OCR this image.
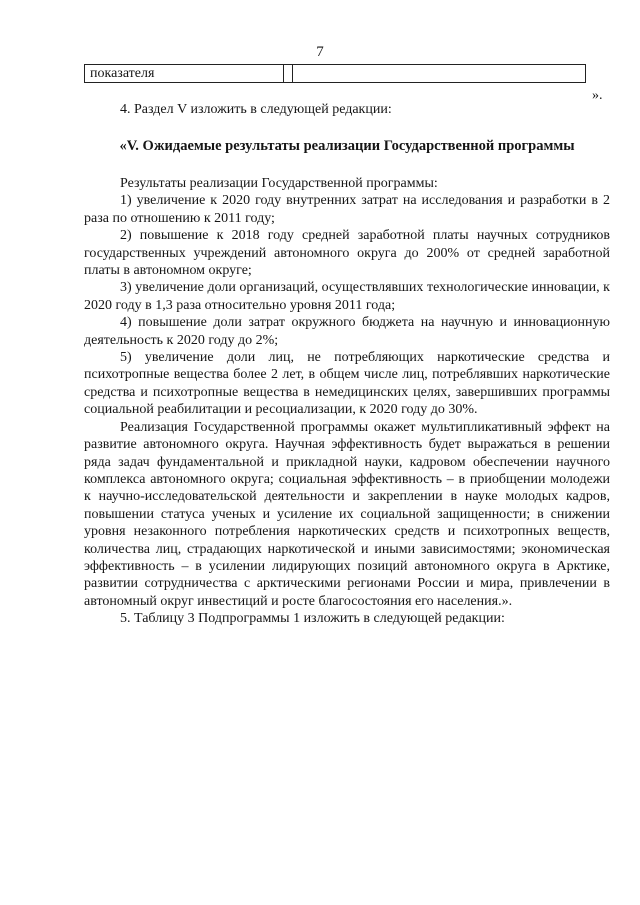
7
показателя
».

4. Раздел V изложить в следующей редакции:

«V. Ожидаемые результаты реализации Государственной программы

Результаты реализации Государственной программы:

1) увеличение к 2020 году внутренних затрат на исследования и разработки в 2 раза по отношению к 2011 году;

2) повышение к 2018 году средней заработной платы научных сотрудников государственных учреждений автономного округа до 200% от средней заработной платы в автономном округе;

3) увеличение доли организаций, осуществлявших технологические инновации, к 2020 году в 1,3 раза относительно уровня 2011 года;

4) повышение доли затрат окружного бюджета на научную и инновационную деятельность к 2020 году до 2%;

5) увеличение доли лиц, не потребляющих наркотические средства и психотропные вещества более 2 лет, в общем числе лиц, потреблявших наркотические средства и психотропные вещества в немедицинских целях, завершивших программы социальной реабилитации и ресоциализации, к 2020 году до 30%.

Реализация Государственной программы окажет мультипликативный эффект на развитие автономного округа. Научная эффективность будет выражаться в решении ряда задач фундаментальной и прикладной науки, кадровом обеспечении научного комплекса автономного округа; социальная эффективность – в приобщении молодежи к научно-исследовательской деятельности и закреплении в науке молодых кадров, повышении статуса ученых и усиление их социальной защищенности; в снижении уровня незаконного потребления наркотических средств и психотропных веществ, количества лиц, страдающих наркотической и иными зависимостями; экономическая эффективность – в усилении лидирующих позиций автономного округа в Арктике, развитии сотрудничества с арктическими регионами России и мира, привлечении в автономный округ инвестиций и росте благосостояния его населения.».

5. Таблицу 3 Подпрограммы 1 изложить в следующей редакции:
